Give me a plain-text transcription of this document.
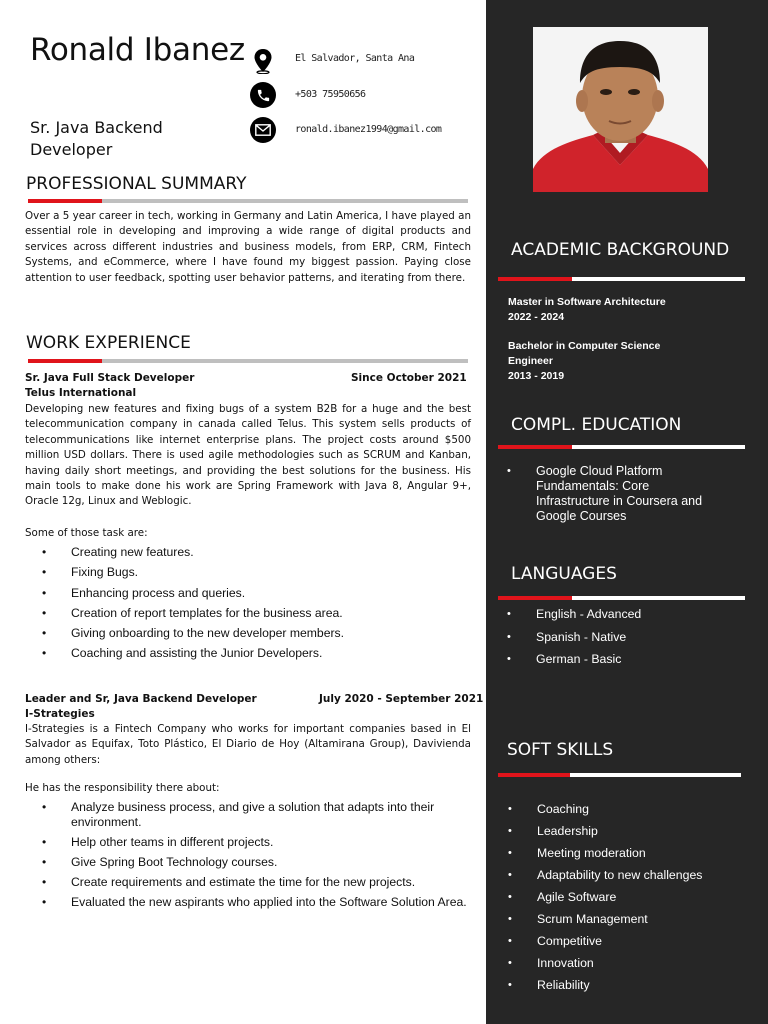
Ronald Ibanez
Sr. Java Backend Developer
El Salvador, Santa Ana
+503 75950656
ronald.ibanez1994@gmail.com
PROFESSIONAL SUMMARY
Over a 5 year career in tech, working in Germany and Latin America, I have played an essential role in developing and improving a wide range of digital products and services across different industries and business models, from ERP, CRM, Fintech Systems, and eCommerce, where I have found my biggest passion. Paying close attention to user feedback, spotting user behavior patterns, and iterating from there.
WORK EXPERIENCE
Sr. Java Full Stack Developer	Since October 2021
Telus International
Developing new features and fixing bugs of a system B2B for a huge and the best telecommunication company in canada called Telus. This system sells products of telecommunications like internet enterprise plans. The project costs around $500 million USD dollars. There is used agile methodologies such as SCRUM and Kanban, having daily short meetings, and providing the best solutions for the business. His main tools to make done his work are Spring Framework with Java 8, Angular 9+, Oracle 12g, Linux and Weblogic.
Some of those task are:
• Creating new features.
• Fixing Bugs.
• Enhancing process and queries.
• Creation of report templates for the business area.
• Giving onboarding to the new developer members.
• Coaching and assisting the Junior Developers.
Leader and Sr, Java Backend Developer	July 2020 - September 2021
I-Strategies
I-Strategies is a Fintech Company who works for important companies based in El Salvador as Equifax, Toto Plástico, El Diario de Hoy (Altamirana Group), Davivienda among others:
He has the responsibility there about:
• Analyze business process, and give a solution that adapts into their environment.
• Help other teams in different projects.
• Give Spring Boot Technology courses.
• Create requirements and estimate the time for the new projects.
• Evaluated the new aspirants who applied into the Software Solution Area.
ACADEMIC BACKGROUND
Master in Software Architecture
2022 - 2024
Bachelor in Computer Science
Engineer
2013 - 2019
COMPL. EDUCATION
• Google Cloud Platform Fundamentals: Core Infrastructure in Coursera and Google Courses
LANGUAGES
• English - Advanced
• Spanish - Native
• German - Basic
SOFT SKILLS
• Coaching
• Leadership
• Meeting moderation
• Adaptability to new challenges
• Agile Software
• Scrum Management
• Competitive
• Innovation
• Reliability
